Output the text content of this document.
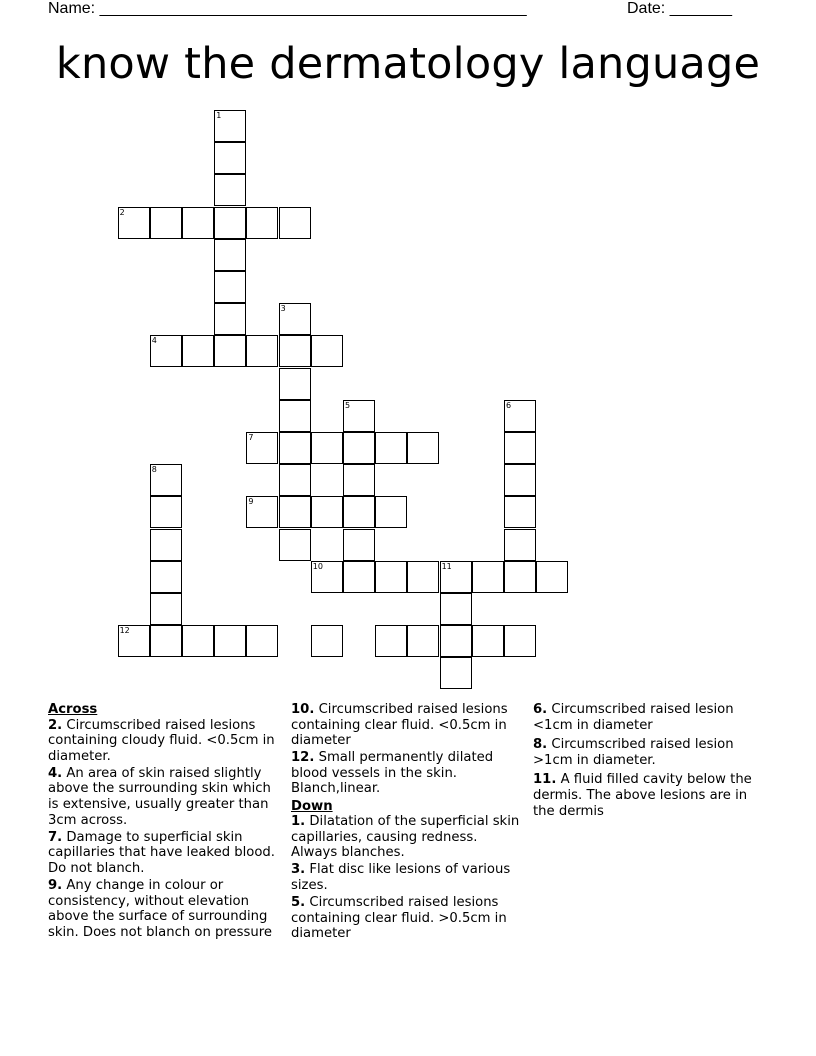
Name: ________________________________________________	Date: _______
know the dermatology language
1
2
3
4
5	6
7
8
9
10	11
12
Across
2. Circumscribed raised lesions containing cloudy fluid. <0.5cm in diameter.
4. An area of skin raised slightly above the surrounding skin which is extensive, usually greater than 3cm across.
7. Damage to superficial skin capillaries that have leaked blood. Do not blanch.
9. Any change in colour or consistency, without elevation above the surface of surrounding skin. Does not blanch on pressure
10. Circumscribed raised lesions containing clear fluid. <0.5cm in diameter
12. Small permanently dilated blood vessels in the skin. Blanch,linear.
Down
1. Dilatation of the superficial skin capillaries, causing redness. Always blanches.
3. Flat disc like lesions of various sizes.
5. Circumscribed raised lesions containing clear fluid. >0.5cm in diameter
6. Circumscribed raised lesion <1cm in diameter
8. Circumscribed raised lesion >1cm in diameter.
11. A fluid filled cavity below the dermis. The above lesions are in the dermis
